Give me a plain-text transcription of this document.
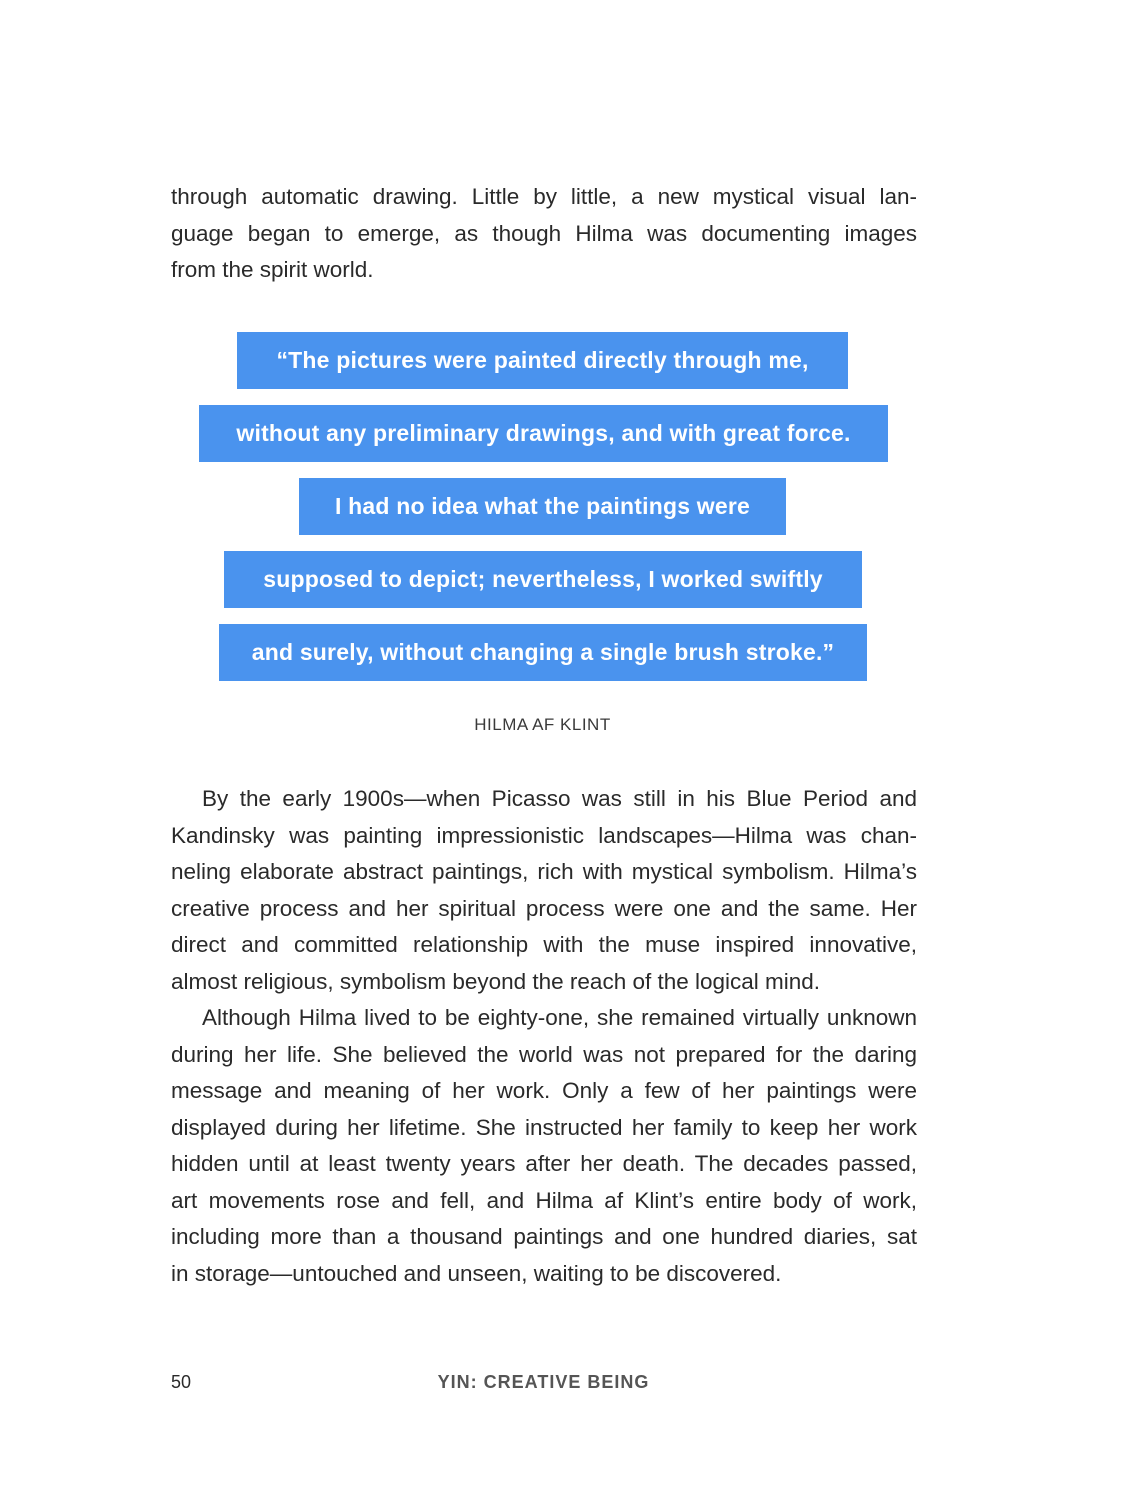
through automatic drawing. Little by little, a new mystical visual lan-
guage began to emerge, as though Hilma was documenting images
from the spirit world.
“The pictures were painted directly through me,
without any preliminary drawings, and with great force.
I had no idea what the paintings were
supposed to depict; nevertheless, I worked swiftly
and surely, without changing a single brush stroke.”
HILMA AF KLINT
By the early 1900s—when Picasso was still in his Blue Period and
Kandinsky was painting impressionistic landscapes—Hilma was chan-
neling elaborate abstract paintings, rich with mystical symbolism. Hilma’s
creative process and her spiritual process were one and the same. Her
direct and committed relationship with the muse inspired innovative,
almost religious, symbolism beyond the reach of the logical mind.
Although Hilma lived to be eighty-one, she remained virtually unknown
during her life. She believed the world was not prepared for the daring
message and meaning of her work. Only a few of her paintings were
displayed during her lifetime. She instructed her family to keep her work
hidden until at least twenty years after her death. The decades passed,
art movements rose and fell, and Hilma af Klint’s entire body of work,
including more than a thousand paintings and one hundred diaries, sat
in storage—untouched and unseen, waiting to be discovered.
50	YIN: CREATIVE BEING
